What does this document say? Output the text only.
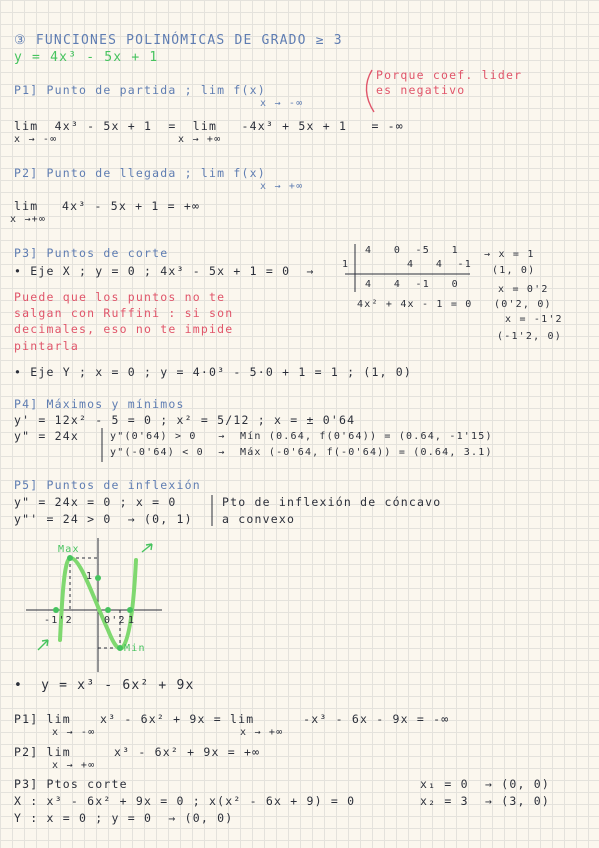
③ FUNCIONES POLINÓMICAS DE GRADO ≥ 3
y = 4x³ - 5x + 1
P1] Punto de partida ; lim f(x)
x → -∞
Porque coef. lider
es negativo
lim  4x³ - 5x + 1  =  lim   -4x³ + 5x + 1   = -∞
x → -∞	x → +∞
P2] Punto de llegada ; lim f(x)
x → +∞
lim 4x³ - 5x + 1 = +∞
x →+∞
P3] Puntos de corte
• Eje X ; y = 0 ; 4x³ - 5x + 1 = 0  →
4   0  -5   1
1        4   4  -1
4   4  -1   0
→ x = 1
(1, 0)
4x² + 4x - 1 = 0
x = 0'2
(0'2, 0)
x = -1'2
(-1'2, 0)
Puede que los puntos no te
salgan con Ruffini : si son
decimales, eso no te impide
pintarla
• Eje Y ; x = 0 ; y = 4·0³ - 5·0 + 1 = 1 ; (1, 0)
P4] Máximos y mínimos
y' = 12x² - 5 = 0 ; x² = 5/12 ; x = ± 0'64
y" = 24x	y"(0'64) > 0   →  Mín (0.64, f(0'64)) = (0.64, -1'15)
y"(-0'64) < 0  →  Máx (-0'64, f(-0'64)) = (0.64, 3.1)
P5] Puntos de inflexión
y" = 24x = 0 ; x = 0
y"' = 24 > 0  → (0, 1)
Pto de inflexión de cóncavo
a convexo
Max
Min
-1'2	0'2 1
1
•  y = x³ - 6x² + 9x
P1] lim	x³ - 6x² + 9x = lim      -x³ - 6x - 9x = -∞
x → -∞	x → +∞
P2] lim	x³ - 6x² + 9x = +∞
x → +∞
P3] Ptos corte
X : x³ - 6x² + 9x = 0 ; x(x² - 6x + 9) = 0
x₁ = 0  → (0, 0)
x₂ = 3  → (3, 0)
Y : x = 0 ; y = 0  → (0, 0)
